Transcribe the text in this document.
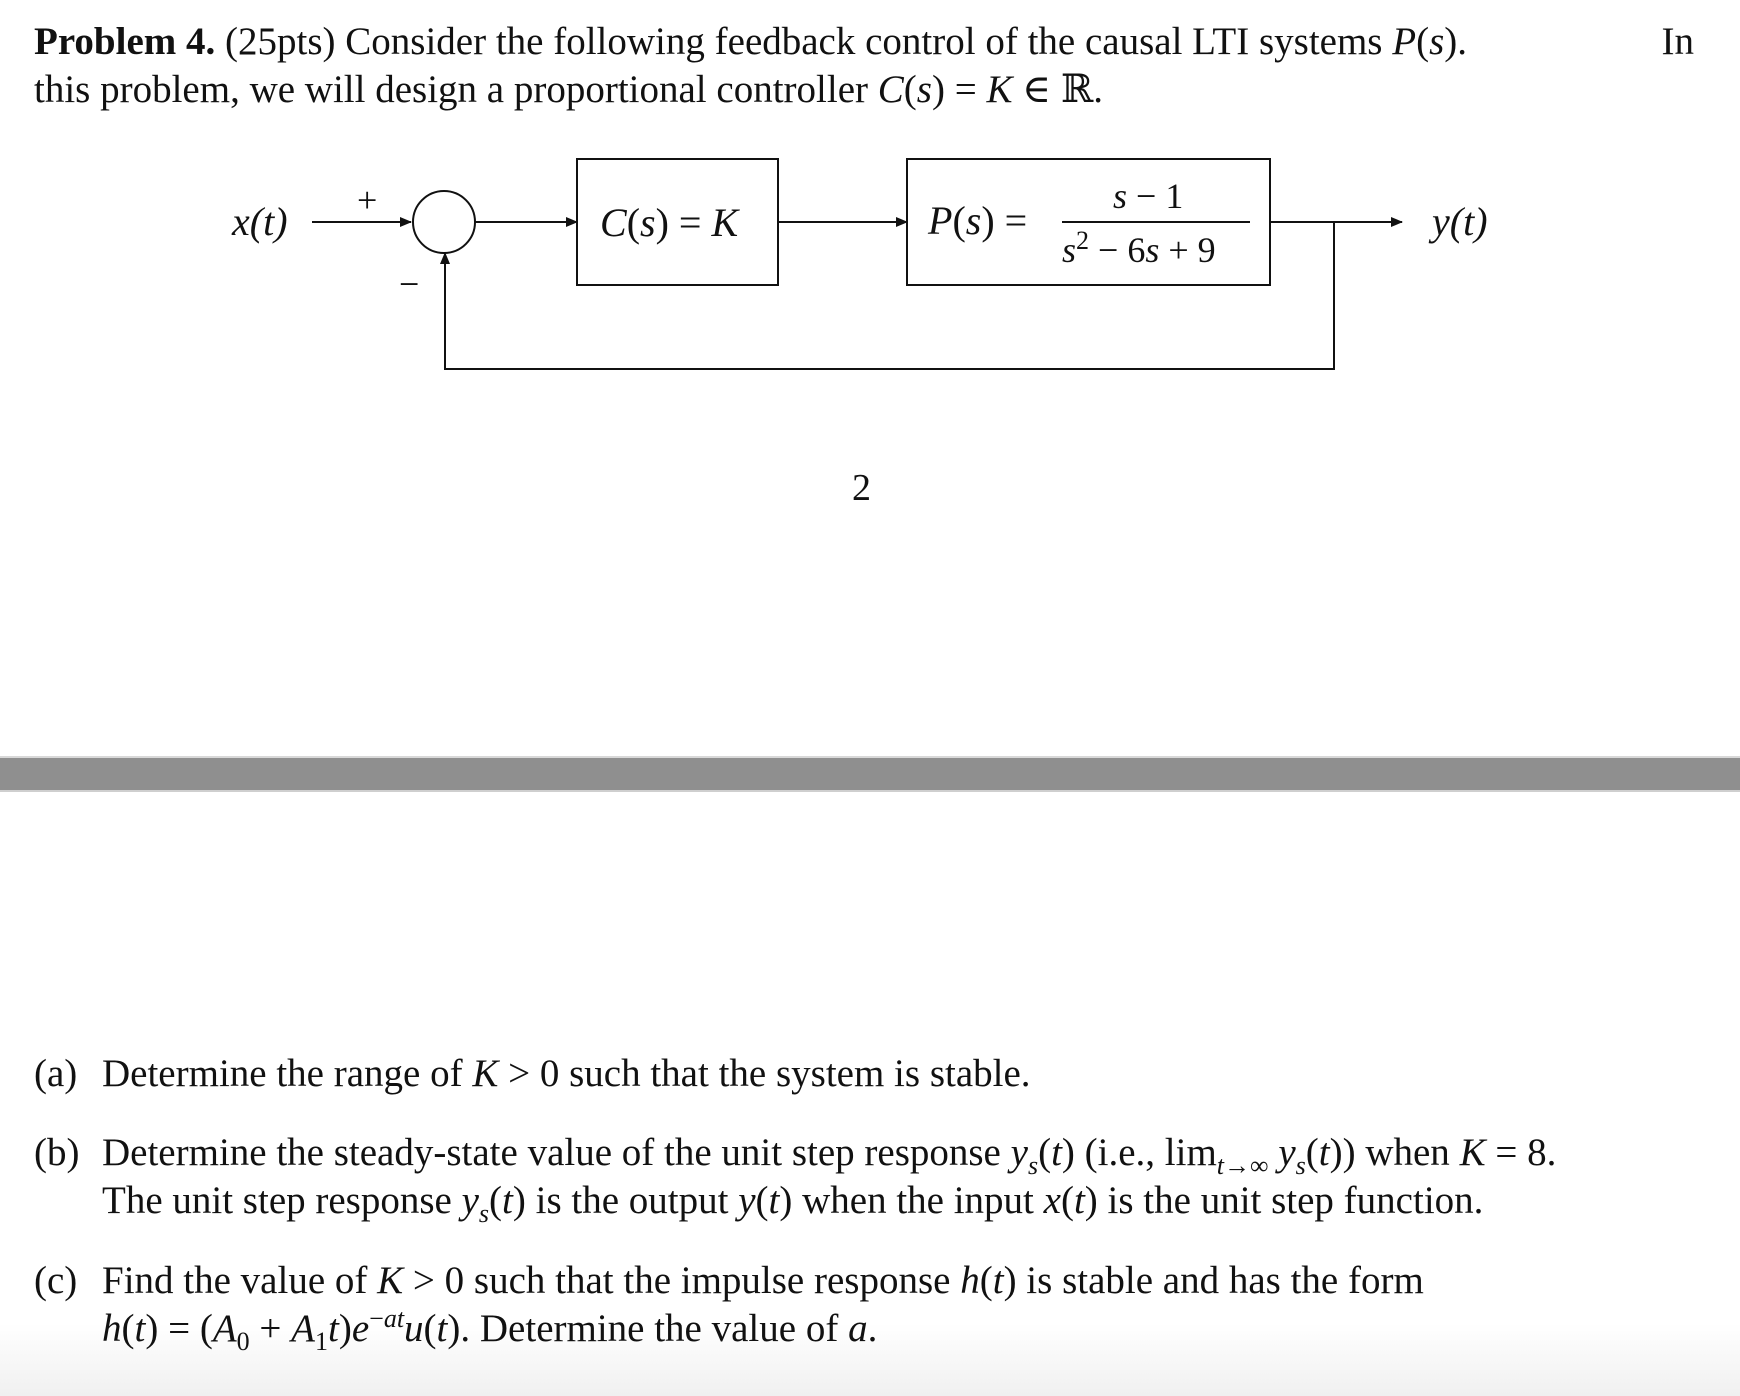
Problem 4. (25pts) Consider the following feedback control of the causal LTI systems P(s).	In
this problem, we will design a proportional controller C(s) = K ∈ ℝ.
x(t) +
−
C(s) = K	P(s) =
s − 1
$s^2 - 6s + 9$
y(t)
2
(a) Determine the range of K > 0 such that the system is stable.
(b) Determine the steady-state value of the unit step response $y_s(t)$ (i.e., $\lim_{t\to\infty} y_s(t)$) when K = 8.
The unit step response $y_s(t)$ is the output y(t) when the input x(t) is the unit step function.
(c) Find the value of K > 0 such that the impulse response h(t) is stable and has the form
$h(t) = (A_0 + A_1t)e^{-at}u(t)$. Determine the value of a.
